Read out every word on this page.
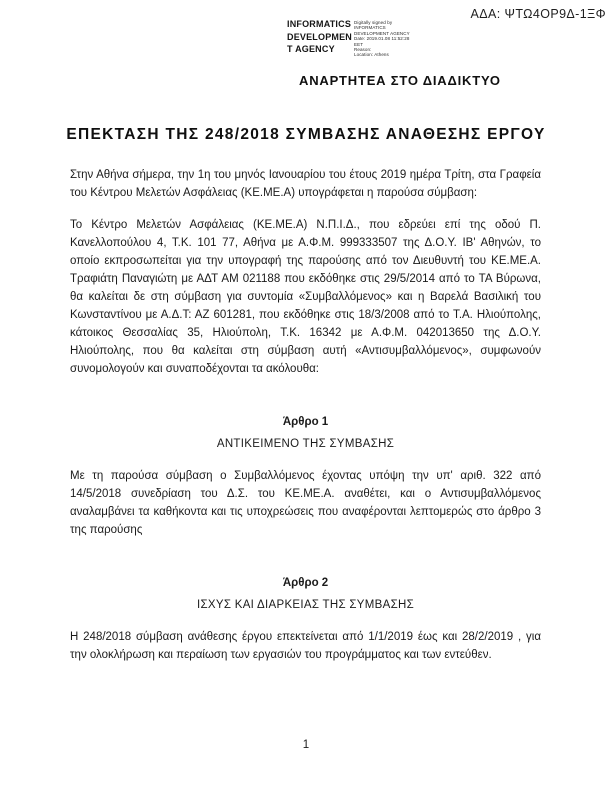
ΑΔΑ: ΨΤΩ4ΟΡ9Δ-1ΞΦ
INFORMATICS
DEVELOPMEN
T AGENCY
Digitally signed by
INFORMATICS
DEVELOPMENT AGENCY
Date: 2019.01.08 11:52:28
EET
Reason:
Location: Athens
ΑΝΑΡΤΗΤΕΑ ΣΤΟ ΔΙΑΔΙΚΤΥΟ
ΕΠΕΚΤΑΣΗ ΤΗΣ 248/2018 ΣΥΜΒΑΣΗΣ ΑΝΑΘΕΣΗΣ ΕΡΓΟΥ

Στην Αθήνα σήμερα, την 1η του μηνός Ιανουαρίου του έτους 2019 ημέρα Τρίτη, στα Γραφεία του Κέντρου Μελετών Ασφάλειας (ΚΕ.ΜΕ.Α) υπογράφεται η παρούσα σύμβαση:

Το Κέντρο Μελετών Ασφάλειας (ΚΕ.ΜΕ.Α) Ν.Π.Ι.Δ., που εδρεύει επί της οδού Π. Κανελλοπούλου 4, Τ.Κ. 101 77, Αθήνα με Α.Φ.Μ. 999333507 της Δ.Ο.Υ. ΙΒ' Αθηνών, το οποίο εκπροσωπείται για την υπογραφή της παρούσης από τον Διευθυντή του ΚΕ.ΜΕ.Α. Τραφιάτη Παναγιώτη με ΑΔΤ ΑΜ 021188 που εκδόθηκε στις 29/5/2014 από το ΤΑ Βύρωνα, θα καλείται δε στη σύμβαση για συντομία «Συμβαλλόμενος» και η Βαρελά Βασιλική του Κωνσταντίνου με Α.Δ.Τ: ΑΖ 601281, που εκδόθηκε στις 18/3/2008 από το Τ.Α. Ηλιούπολης, κάτοικος Θεσσαλίας 35, Ηλιούπολη, Τ.Κ. 16342 με Α.Φ.Μ. 042013650 της Δ.Ο.Υ. Ηλιούπολης, που θα καλείται στη σύμβαση αυτή «Αντισυμβαλλόμενος», συμφωνούν συνομολογούν και συναποδέχονται τα ακόλουθα:

Άρθρο 1
ΑΝΤΙΚΕΙΜΕΝΟ ΤΗΣ ΣΥΜΒΑΣΗΣ

Με τη παρούσα σύμβαση ο Συμβαλλόμενος έχοντας υπόψη την υπ' αριθ. 322 από 14/5/2018 συνεδρίαση του Δ.Σ. του ΚΕ.ΜΕ.Α. αναθέτει, και ο Αντισυμβαλλόμενος αναλαμβάνει τα καθήκοντα και τις υποχρεώσεις που αναφέρονται λεπτομερώς στο άρθρο 3 της παρούσης

Άρθρο 2
ΙΣΧΥΣ ΚΑΙ ΔΙΑΡΚΕΙΑΣ ΤΗΣ ΣΥΜΒΑΣΗΣ

Η 248/2018 σύμβαση ανάθεσης έργου επεκτείνεται από 1/1/2019 έως και 28/2/2019 , για την ολοκλήρωση και περαίωση των εργασιών του προγράμματος και των εντεύθεν.

1
